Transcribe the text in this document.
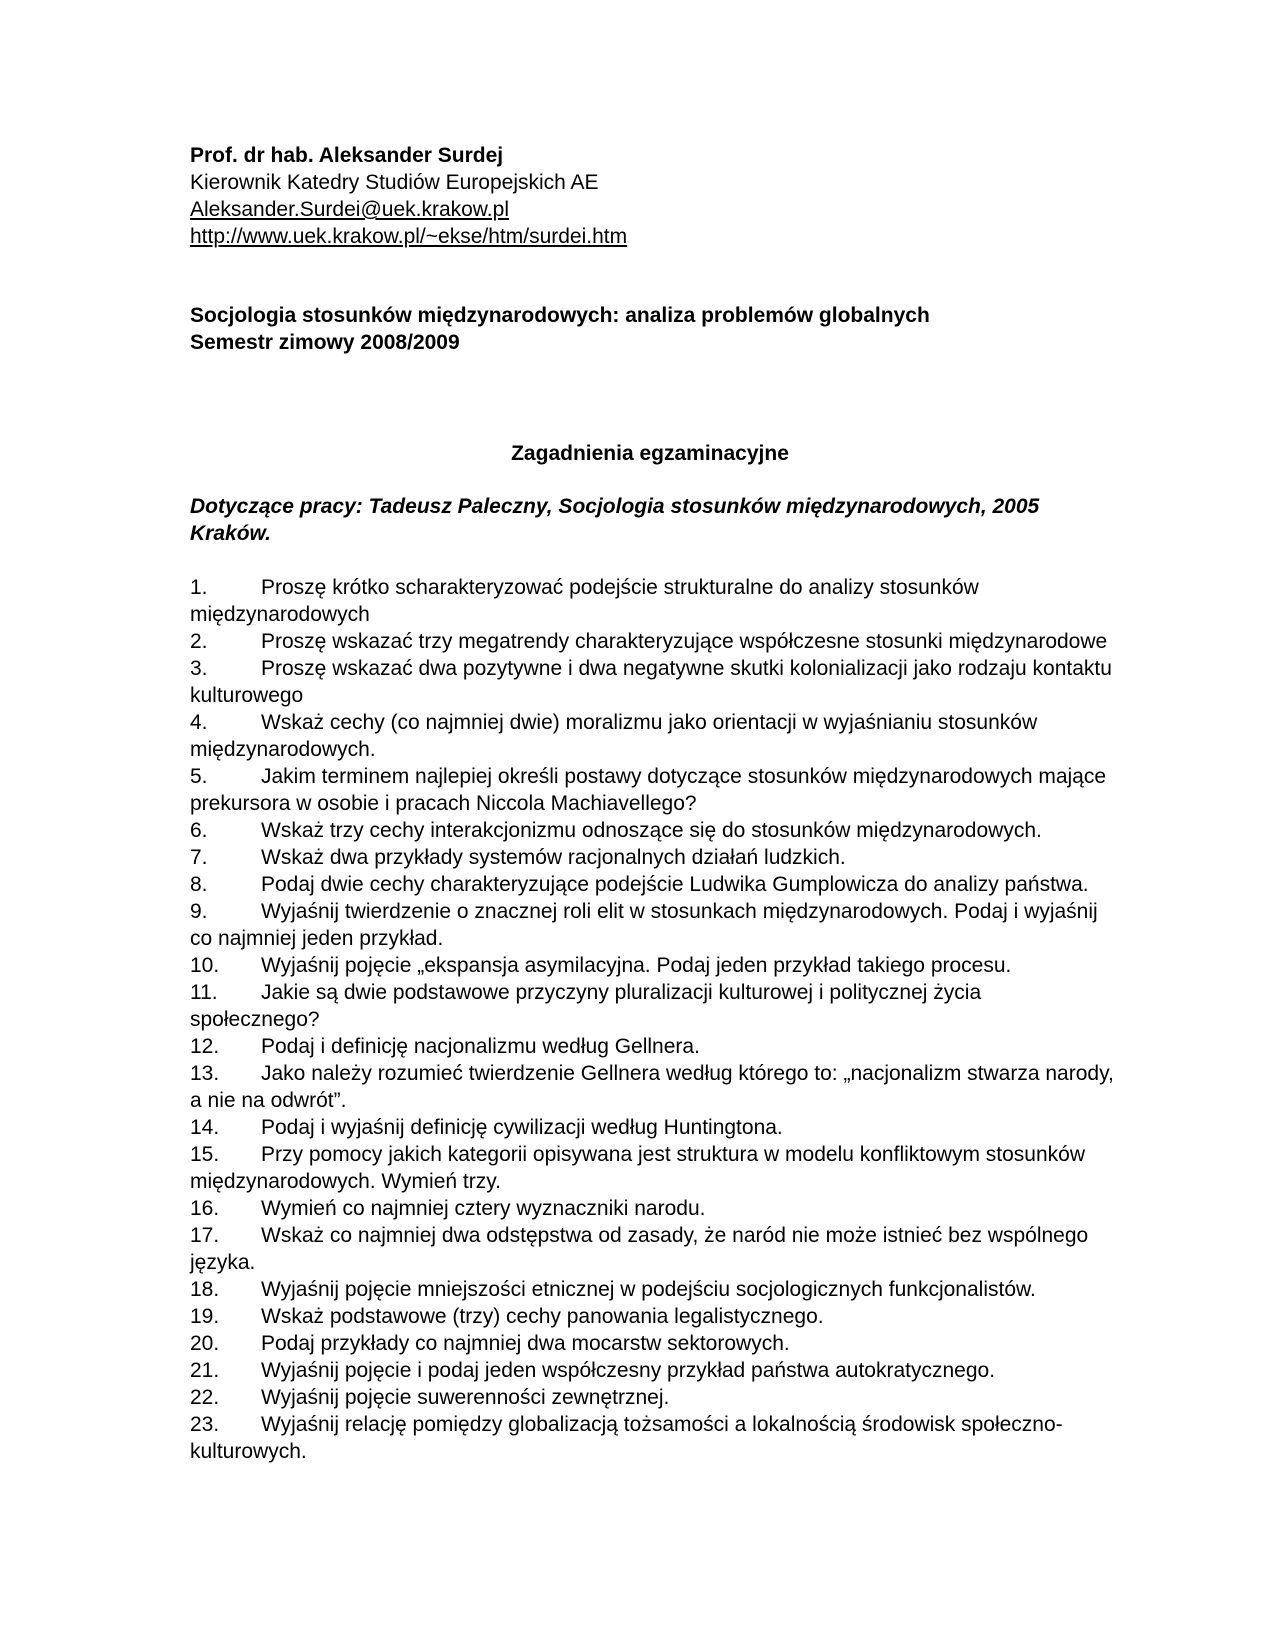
Prof. dr hab. Aleksander Surdej
Kierownik Katedry Studiów Europejskich AE
Aleksander.Surdei@uek.krakow.pl
http://www.uek.krakow.pl/~ekse/htm/surdei.htm
Socjologia stosunków międzynarodowych: analiza problemów globalnych
Semestr zimowy 2008/2009
Zagadnienia egzaminacyjne
Dotyczące pracy: Tadeusz Paleczny, Socjologia stosunków międzynarodowych, 2005 Kraków.
1.	Proszę krótko scharakteryzować podejście strukturalne do analizy stosunków międzynarodowych
2.	Proszę wskazać trzy megatrendy charakteryzujące współczesne stosunki międzynarodowe
3.	Proszę wskazać dwa pozytywne i dwa negatywne skutki kolonializacji jako rodzaju kontaktu kulturowego
4.	Wskaż cechy (co najmniej dwie) moralizmu jako orientacji w wyjaśnianiu stosunków międzynarodowych.
5.	Jakim terminem najlepiej określi postawy dotyczące stosunków międzynarodowych mające prekursora w osobie i pracach Niccola Machiavellego?
6.	Wskaż trzy cechy interakcjonizmu odnoszące się do stosunków międzynarodowych.
7.	Wskaż dwa przykłady systemów racjonalnych działań ludzkich.
8.	Podaj dwie cechy charakteryzujące podejście Ludwika Gumplowicza do analizy państwa.
9.	Wyjaśnij twierdzenie o znacznej roli elit w stosunkach międzynarodowych. Podaj i wyjaśnij co najmniej jeden przykład.
10. Wyjaśnij pojęcie „ekspansja asymilacyjna. Podaj jeden przykład takiego procesu.
11. Jakie są dwie podstawowe przyczyny pluralizacji kulturowej i politycznej życia społecznego?
12. Podaj i definicję nacjonalizmu według Gellnera.
13. Jako należy rozumieć twierdzenie Gellnera według którego to: „nacjonalizm stwarza narody, a nie na odwrót”.
14. Podaj i wyjaśnij definicję cywilizacji według Huntingtona.
15. Przy pomocy jakich kategorii opisywana jest struktura w modelu konfliktowym stosunków międzynarodowych. Wymień trzy.
16. Wymień co najmniej cztery wyznaczniki narodu.
17. Wskaż co najmniej dwa odstępstwa od zasady, że naród nie może istnieć bez wspólnego języka.
18. Wyjaśnij pojęcie mniejszości etnicznej w podejściu socjologicznych funkcjonalistów.
19. Wskaż podstawowe (trzy) cechy panowania legalistycznego.
20. Podaj przykłady co najmniej dwa mocarstw sektorowych.
21. Wyjaśnij pojęcie i podaj jeden współczesny przykład państwa autokratycznego.
22. Wyjaśnij pojęcie suwerenności zewnętrznej.
23. Wyjaśnij relację pomiędzy globalizacją tożsamości a lokalnością środowisk społeczno-kulturowych.
